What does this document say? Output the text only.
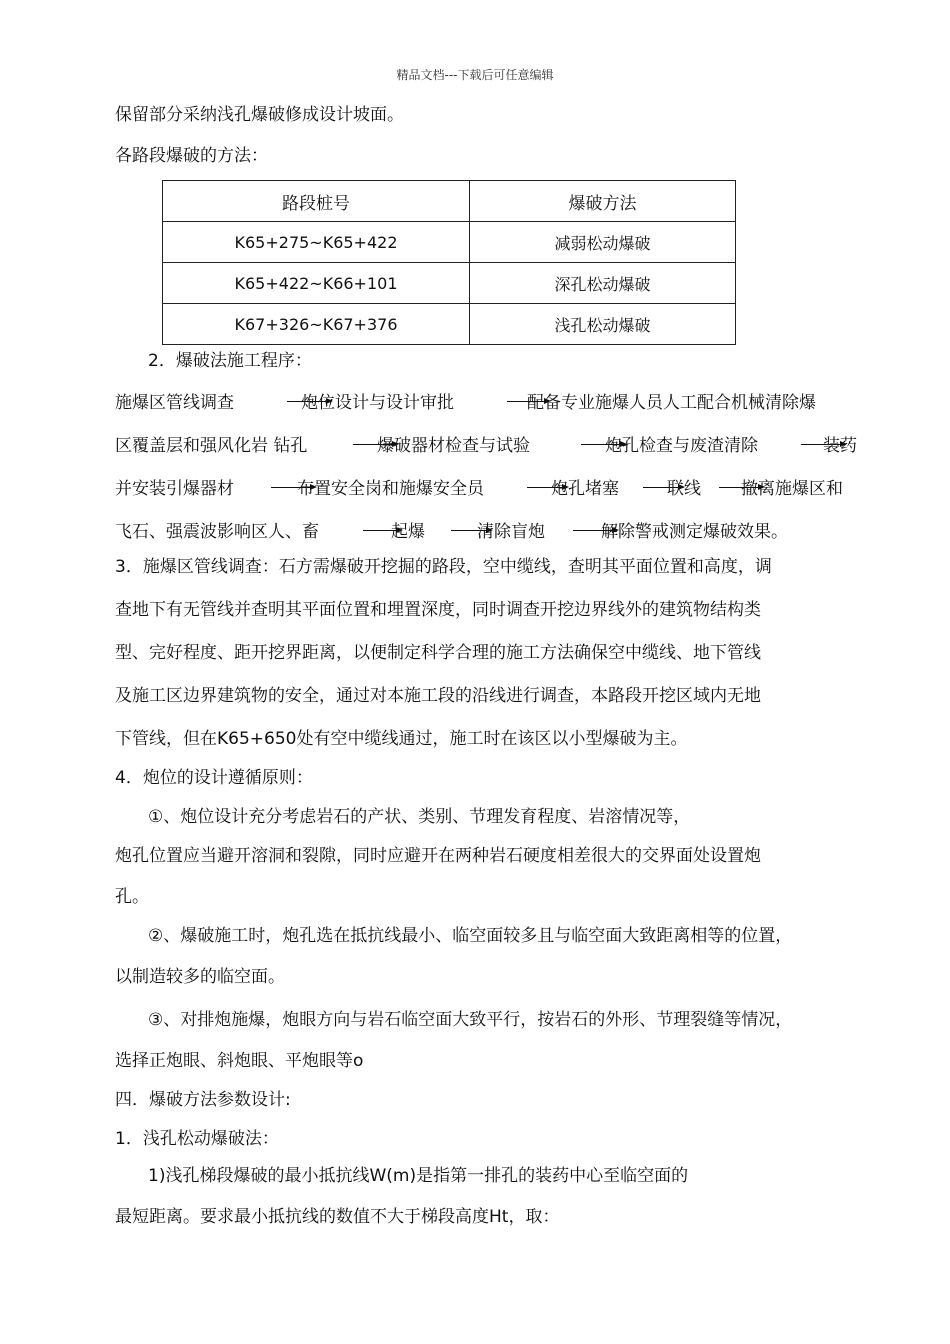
精品文档---下载后可任意编辑
保留部分采纳浅孔爆破修成设计坡面。
各路段爆破的方法：
路段桩号	爆破方法
K65+275~K65+422	减弱松动爆破
K65+422~K66+101	深孔松动爆破
K67+326~K67+376	浅孔松动爆破
2．爆破法施工程序：
施爆区管线调查	炮位设计与设计审批	配备专业施爆人员人工配合机械清除爆
区覆盖层和强风化岩 钻孔	爆破器材检查与试验	炮孔检查与废渣清除	装药
并安装引爆器材	布置安全岗和施爆安全员	炮孔堵塞	联线 撤离施爆区和
飞石、强震波影响区人、畜	起爆	清除盲炮	解除警戒测定爆破效果。
3．施爆区管线调查：石方需爆破开挖掘的路段，空中缆线，查明其平面位置和高度，调
查地下有无管线并查明其平面位置和埋置深度，同时调查开挖边界线外的建筑物结构类
型、完好程度、距开挖界距离，以便制定科学合理的施工方法确保空中缆线、地下管线
及施工区边界建筑物的安全，通过对本施工段的沿线进行调查，本路段开挖区域内无地
下管线，但在K65+650处有空中缆线通过，施工时在该区以小型爆破为主。
4．炮位的设计遵循原则：
①、炮位设计充分考虑岩石的产状、类别、节理发育程度、岩溶情况等，
炮孔位置应当避开溶洞和裂隙，同时应避开在两种岩石硬度相差很大的交界面处设置炮
孔。
②、爆破施工时，炮孔选在抵抗线最小、临空面较多且与临空面大致距离相等的位置，
以制造较多的临空面。
③、对排炮施爆，炮眼方向与岩石临空面大致平行，按岩石的外形、节理裂缝等情况，
选择正炮眼、斜炮眼、平炮眼等o
四．爆破方法参数设计:
1．浅孔松动爆破法：
1)浅孔梯段爆破的最小抵抗线W(m)是指第一排孔的装药中心至临空面的
最短距离。要求最小抵抗线的数值不大于梯段高度Ht，取：
